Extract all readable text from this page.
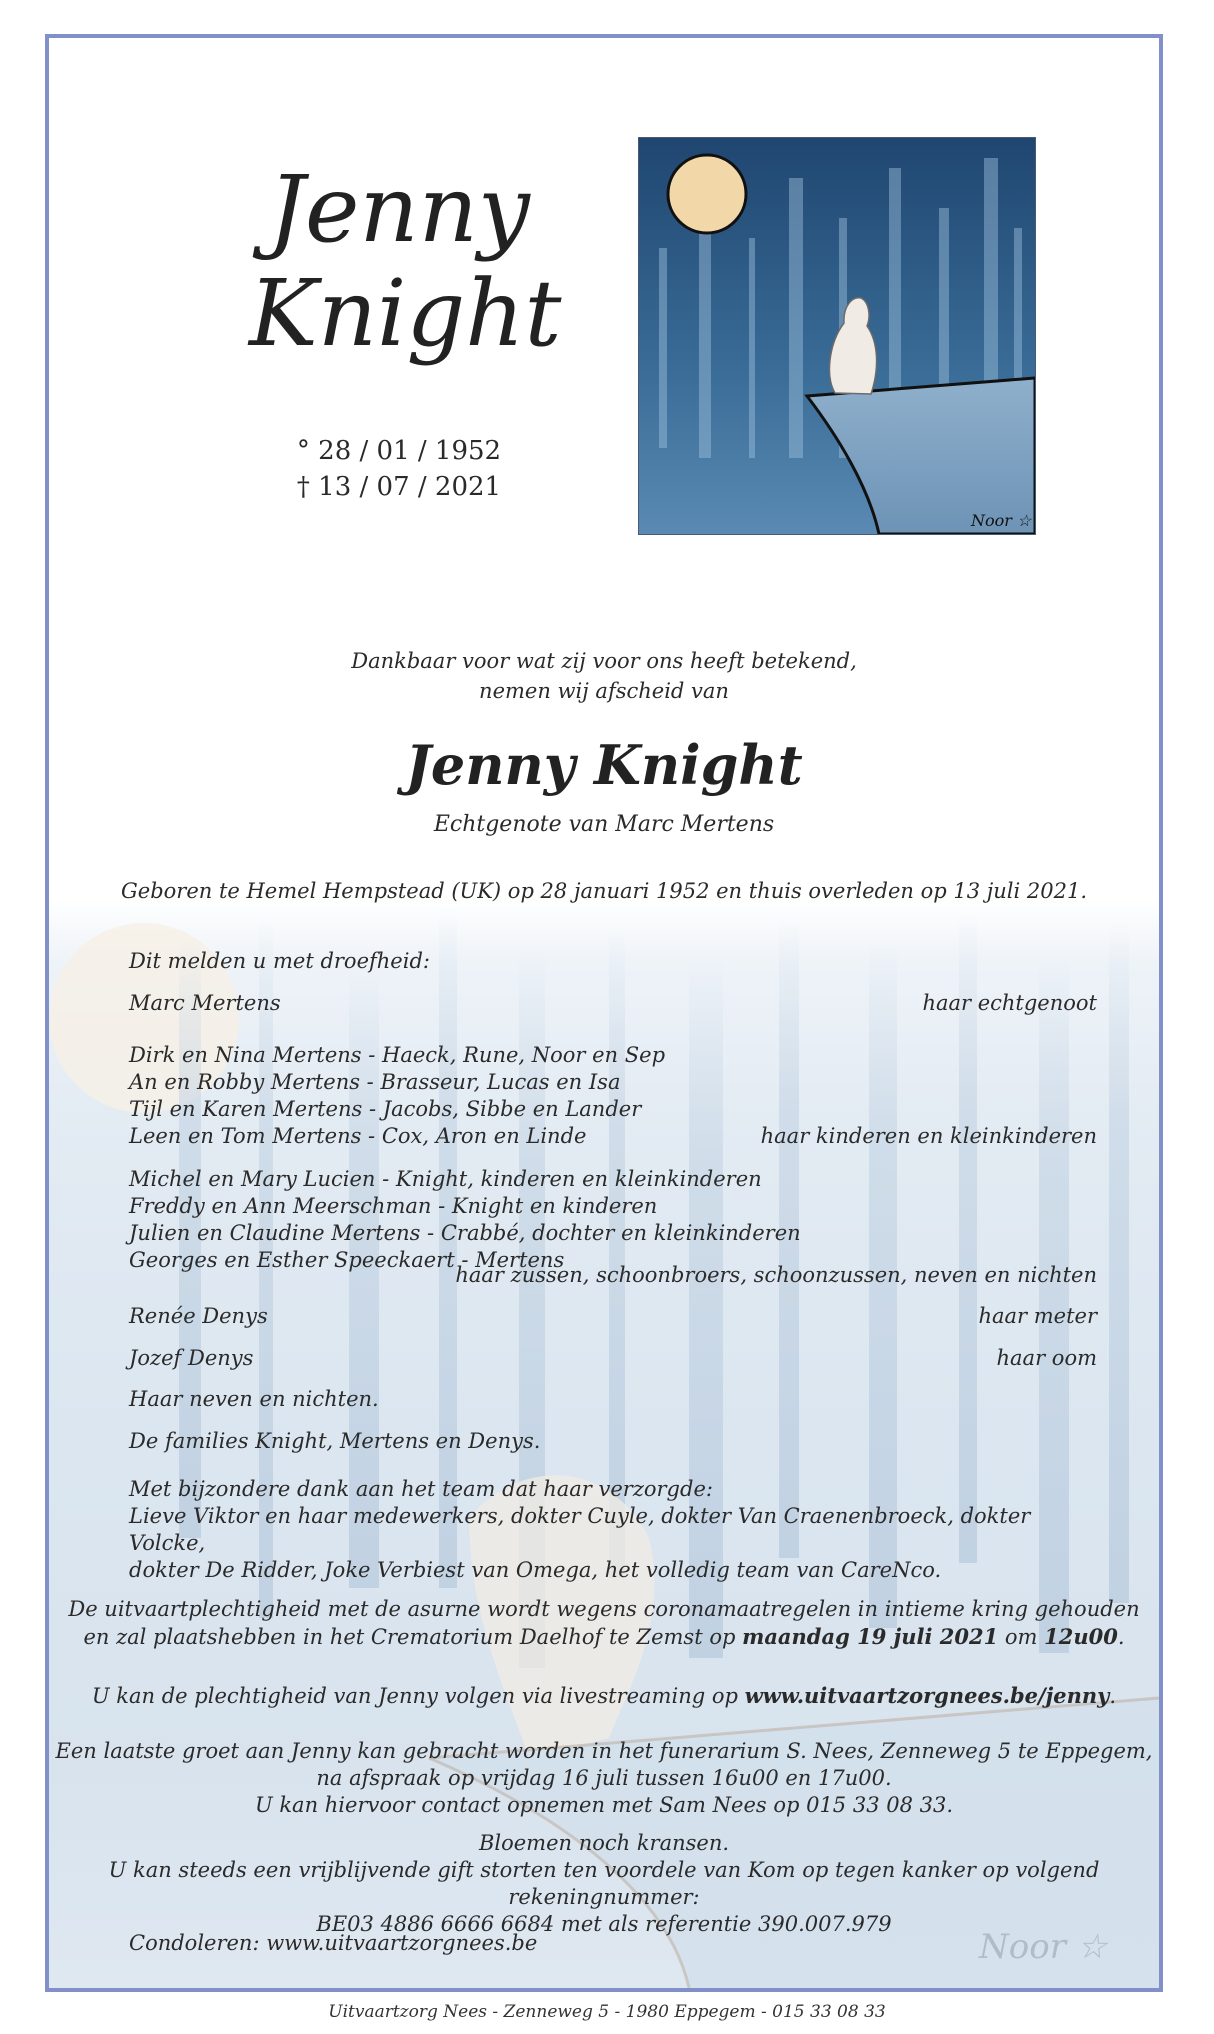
Noor ☆
Jenny
Knight
° 28 / 01 / 1952
† 13 / 07 / 2021
Noor ☆
Dankbaar voor wat zij voor ons heeft betekend,
nemen wij afscheid van
Jenny Knight
Echtgenote van Marc Mertens
Geboren te Hemel Hempstead (UK) op 28 januari 1952 en thuis overleden op 13 juli 2021.
Dit melden u met droefheid:
Marc Mertens	haar echtgenoot
Dirk en Nina Mertens - Haeck, Rune, Noor en Sep
An en Robby Mertens - Brasseur, Lucas en Isa
Tijl en Karen Mertens - Jacobs, Sibbe en Lander
Leen en Tom Mertens - Cox, Aron en Linde	haar kinderen en kleinkinderen
Michel en Mary Lucien - Knight, kinderen en kleinkinderen
Freddy en Ann Meerschman - Knight en kinderen
Julien en Claudine Mertens - Crabbé, dochter en kleinkinderen
Georges en Esther Speeckaert - Mertens
haar zussen, schoonbroers, schoonzussen, neven en nichten
Renée Denys	haar meter
Jozef Denys	haar oom
Haar neven en nichten.
De families Knight, Mertens en Denys.
Met bijzondere dank aan het team dat haar verzorgde:
Lieve Viktor en haar medewerkers, dokter Cuyle, dokter Van Craenenbroeck, dokter Volcke,
dokter De Ridder, Joke Verbiest van Omega, het volledig team van CareNco.
De uitvaartplechtigheid met de asurne wordt wegens coronamaatregelen in intieme kring gehouden
en zal plaatshebben in het Crematorium Daelhof te Zemst op maandag 19 juli 2021 om 12u00.
U kan de plechtigheid van Jenny volgen via livestreaming op www.uitvaartzorgnees.be/jenny.
Een laatste groet aan Jenny kan gebracht worden in het funerarium S. Nees, Zenneweg 5 te Eppegem,
na afspraak op vrijdag 16 juli tussen 16u00 en 17u00.
U kan hiervoor contact opnemen met Sam Nees op 015 33 08 33.
Bloemen noch kransen.
U kan steeds een vrijblijvende gift storten ten voordele van Kom op tegen kanker op volgend rekeningnummer:
BE03 4886 6666 6684 met als referentie 390.007.979
Condoleren: www.uitvaartzorgnees.be
Uitvaartzorg Nees - Zenneweg 5 - 1980 Eppegem - 015 33 08 33
